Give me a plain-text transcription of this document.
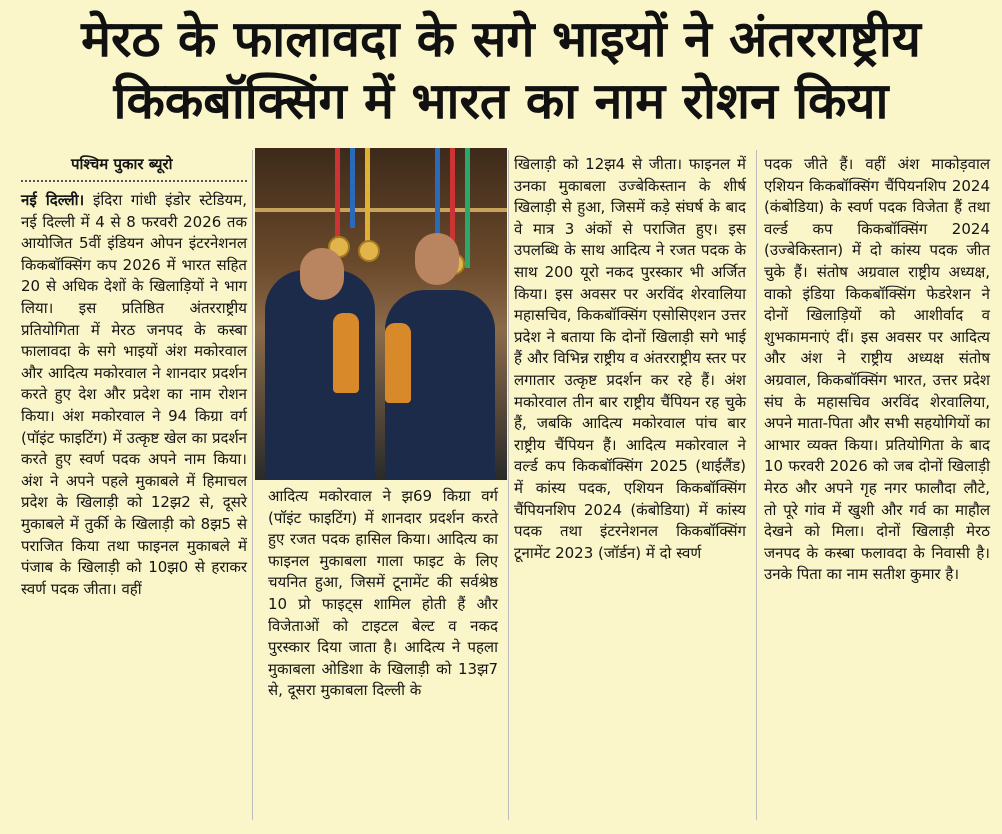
मेरठ के फालावदा के सगे भाइयों ने अंतरराष्ट्रीय
किकबॉक्सिंग में भारत का नाम रोशन किया
पश्चिम पुकार ब्यूरो
नई दिल्ली। इंदिरा गांधी इंडोर स्टेडियम, नई दिल्ली में 4 से 8 फरवरी 2026 तक आयोजित 5वीं इंडियन ओपन इंटरनेशनल किकबॉक्सिंग कप 2026 में भारत सहित 20 से अधिक देशों के खिलाड़ियों ने भाग लिया। इस प्रतिष्ठित अंतरराष्ट्रीय प्रतियोगिता में मेरठ जनपद के कस्बा फालावदा के सगे भाइयों अंश मकोरवाल और आदित्य मकोरवाल ने शानदार प्रदर्शन करते हुए देश और प्रदेश का नाम रोशन किया। अंश मकोरवाल ने 94 किग्रा वर्ग (पॉइंट फाइटिंग) में उत्कृष्ट खेल का प्रदर्शन करते हुए स्वर्ण पदक अपने नाम किया। अंश ने अपने पहले मुकाबले में हिमाचल प्रदेश के खिलाड़ी को 12झ2 से, दूसरे मुकाबले में तुर्की के खिलाड़ी को 8झ5 से पराजित किया तथा फाइनल मुकाबले में पंजाब के खिलाड़ी को 10झ0 से हराकर स्वर्ण पदक जीता। वहीं
आदित्य मकोरवाल ने झ69 किग्रा वर्ग (पॉइंट फाइटिंग) में शानदार प्रदर्शन करते हुए रजत पदक हासिल किया। आदित्य का फाइनल मुकाबला गाला फाइट के लिए चयनित हुआ, जिसमें टूनामेंट की सर्वश्रेष्ठ 10 प्रो फाइट्स शामिल होती हैं और विजेताओं को टाइटल बेल्ट व नकद पुरस्कार दिया जाता है। आदित्य ने पहला मुकाबला ओडिशा के खिलाड़ी को 13झ7 से, दूसरा मुकाबला दिल्ली के
खिलाड़ी को 12झ4 से जीता। फाइनल में उनका मुकाबला उज्बेकिस्तान के शीर्ष खिलाड़ी से हुआ, जिसमें कड़े संघर्ष के बाद वे मात्र 3 अंकों से पराजित हुए। इस उपलब्धि के साथ आदित्य ने रजत पदक के साथ 200 यूरो नकद पुरस्कार भी अर्जित किया। इस अवसर पर अरविंद शेरवालिया महासचिव, किकबॉक्सिंग एसोसिएशन उत्तर प्रदेश ने बताया कि दोनों खिलाड़ी सगे भाई हैं और विभिन्न राष्ट्रीय व अंतरराष्ट्रीय स्तर पर लगातार उत्कृष्ट प्रदर्शन कर रहे हैं। अंश मकोरवाल तीन बार राष्ट्रीय चैंपियन रह चुके हैं, जबकि आदित्य मकोरवाल पांच बार राष्ट्रीय चैंपियन हैं। आदित्य मकोरवाल ने वर्ल्ड कप किकबॉक्सिंग 2025 (थाईलैंड) में कांस्य पदक, एशियन किकबॉक्सिंग चैंपियनशिप 2024 (कंबोडिया) में कांस्य पदक तथा इंटरनेशनल किकबॉक्सिंग टूनामेंट 2023 (जॉर्डन) में दो स्वर्ण
पदक जीते हैं। वहीं अंश माकोड़वाल एशियन किकबॉक्सिंग चैंपियनशिप 2024 (कंबोडिया) के स्वर्ण पदक विजेता हैं तथा वर्ल्ड कप किकबॉक्सिंग 2024 (उज्बेकिस्तान) में दो कांस्य पदक जीत चुके हैं। संतोष अग्रवाल राष्ट्रीय अध्यक्ष, वाको इंडिया किकबॉक्सिंग फेडरेशन ने दोनों खिलाड़ियों को आशीर्वाद व शुभकामनाएं दीं। इस अवसर पर आदित्य और अंश ने राष्ट्रीय अध्यक्ष संतोष अग्रवाल, किकबॉक्सिंग भारत, उत्तर प्रदेश संघ के महासचिव अरविंद शेरवालिया, अपने माता-पिता और सभी सहयोगियों का आभार व्यक्त किया। प्रतियोगिता के बाद 10 फरवरी 2026 को जब दोनों खिलाड़ी मेरठ और अपने गृह नगर फालौदा लौटे, तो पूरे गांव में खुशी और गर्व का माहौल देखने को मिला। दोनों खिलाड़ी मेरठ जनपद के कस्बा फलावदा के निवासी है। उनके पिता का नाम सतीश कुमार है।
